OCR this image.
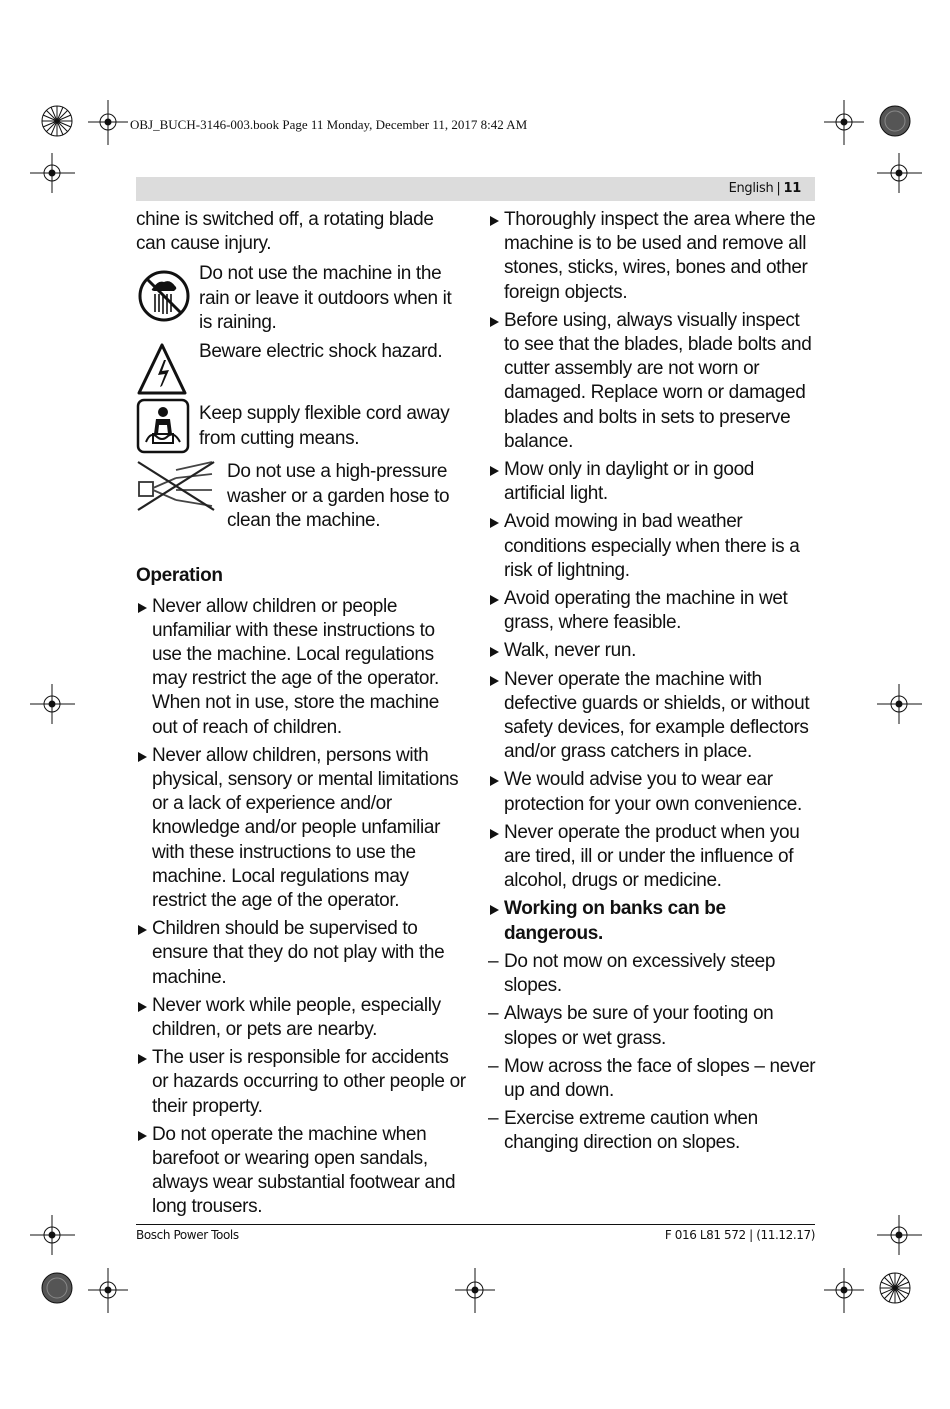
OBJ_BUCH-3146-003.book Page 11 Monday, December 11, 2017 8:42 AM
English | 11

chine is switched off, a rotating blade can cause injury.

Do not use the machine in the rain or leave it outdoors when it is raining.
Beware electric shock hazard.
Keep supply flexible cord away from cutting means.
Do not use a high-pressure washer or a garden hose to clean the machine.

Operation

Never allow children or people unfamiliar with these instructions to use the machine. Local regulations may restrict the age of the operator. When not in use, store the machine out of reach of children.
Never allow children, persons with physical, sensory or mental limitations or a lack of experience and/or knowledge and/or people unfamiliar with these instructions to use the machine. Local regulations may restrict the age of the operator.
Children should be supervised to ensure that they do not play with the machine.
Never work while people, especially children, or pets are nearby.
The user is responsible for accidents or hazards occurring to other people or their property.
Do not operate the machine when barefoot or wearing open sandals, always wear substantial footwear and long trousers.
Thoroughly inspect the area where the machine is to be used and remove all stones, sticks, wires, bones and other foreign objects.
Before using, always visually inspect to see that the blades, blade bolts and cutter assembly are not worn or damaged. Replace worn or damaged blades and bolts in sets to preserve balance.
Mow only in daylight or in good artificial light.
Avoid mowing in bad weather conditions especially when there is a risk of lightning.
Avoid operating the machine in wet grass, where feasible.
Walk, never run.
Never operate the machine with defective guards or shields, or without safety devices, for example deflectors and/or grass catchers in place.
We would advise you to wear ear protection for your own convenience.
Never operate the product when you are tired, ill or under the influence of alcohol, drugs or medicine.
Working on banks can be dangerous.
– Do not mow on excessively steep slopes.
– Always be sure of your footing on slopes or wet grass.
– Mow across the face of slopes – never up and down.
– Exercise extreme caution when changing direction on slopes.
Bosch Power Tools	F 016 L81 572 | (11.12.17)
